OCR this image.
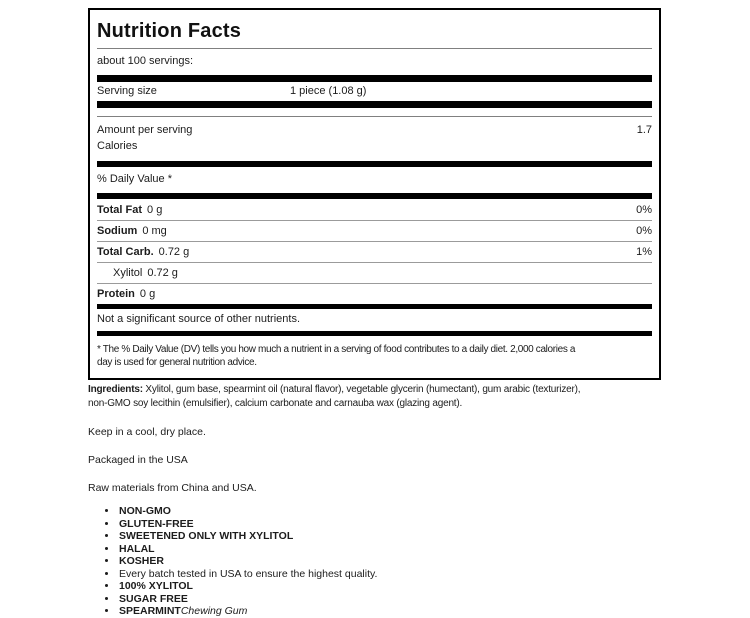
Nutrition Facts
about 100 servings:
Serving size	1 piece (1.08 g)
Amount per serving	1.7
Calories
% Daily Value *
Total Fat 0 g	0%
Sodium 0 mg	0%
Total Carb. 0.72 g	1%
Xylitol 0.72 g
Protein 0 g
Not a significant source of other nutrients.
* The % Daily Value (DV) tells you how much a nutrient in a serving of food contributes to a daily diet. 2,000 calories a
day is used for general nutrition advice.
Ingredients: Xylitol, gum base, spearmint oil (natural flavor), vegetable glycerin (humectant), gum arabic (texturizer),
non-GMO soy lecithin (emulsifier), calcium carbonate and carnauba wax (glazing agent).
Keep in a cool, dry place.
Packaged in the USA
Raw materials from China and USA.
• NON-GMO
• GLUTEN-FREE
• SWEETENED ONLY WITH XYLITOL
• HALAL
• KOSHER
• Every batch tested in USA to ensure the highest quality.
• 100% XYLITOL
• SUGAR FREE
• SPEARMINTChewing Gum
